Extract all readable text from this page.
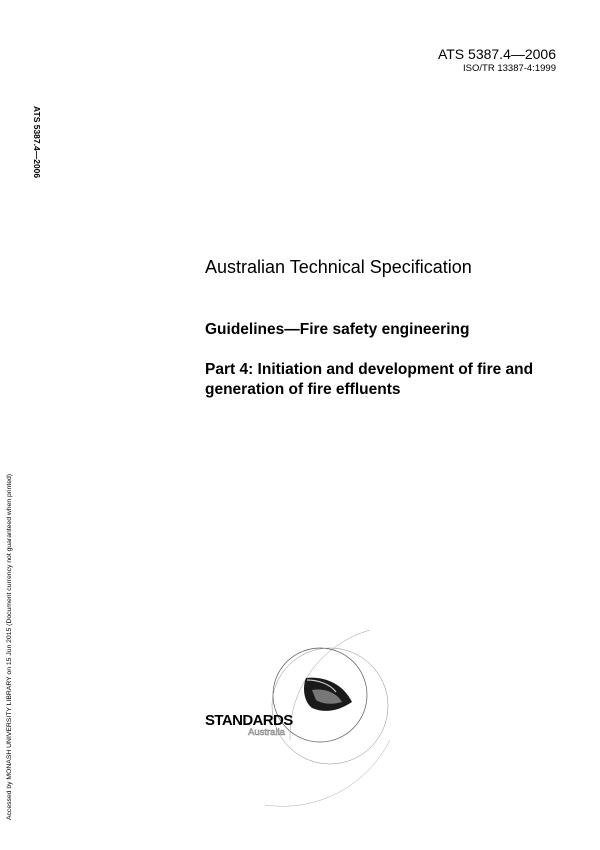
ATS 5387.4—2006
ISO/TR 13387-4:1999
ATS 5387.4—2006
Accessed by MONASH UNIVERSITY LIBRARY on 15 Jun 2015 (Document currency not guaranteed when printed)
Australian Technical Specification
Guidelines—Fire safety engineering
Part 4: Initiation and development of fire and generation of fire effluents
STANDARDS
Australia
